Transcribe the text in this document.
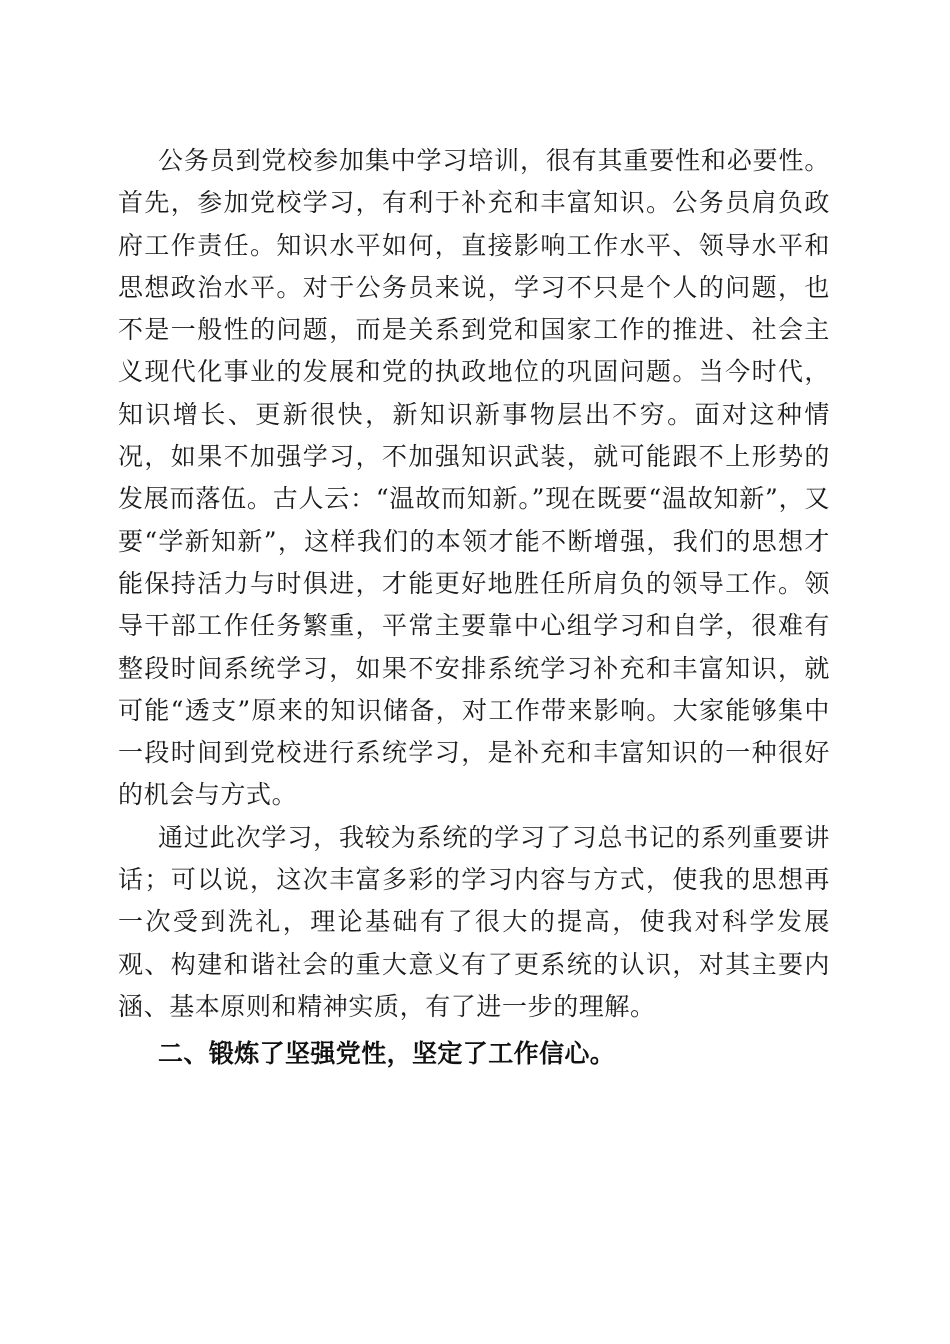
公务员到党校参加集中学习培训，很有其重要性和必要性。首先，参加党校学习，有利于补充和丰富知识。公务员肩负政府工作责任。知识水平如何，直接影响工作水平、领导水平和思想政治水平。对于公务员来说，学习不只是个人的问题，也不是一般性的问题，而是关系到党和国家工作的推进、社会主义现代化事业的发展和党的执政地位的巩固问题。当今时代，知识增长、更新很快，新知识新事物层出不穷。面对这种情况，如果不加强学习，不加强知识武装，就可能跟不上形势的发展而落伍。古人云：“温故而知新。”现在既要“温故知新”，又要“学新知新”，这样我们的本领才能不断增强，我们的思想才能保持活力与时俱进，才能更好地胜任所肩负的领导工作。领导干部工作任务繁重，平常主要靠中心组学习和自学，很难有整段时间系统学习，如果不安排系统学习补充和丰富知识，就可能“透支”原来的知识储备，对工作带来影响。大家能够集中一段时间到党校进行系统学习，是补充和丰富知识的一种很好的机会与方式。

通过此次学习，我较为系统的学习了习总书记的系列重要讲话；可以说，这次丰富多彩的学习内容与方式，使我的思想再一次受到洗礼，理论基础有了很大的提高，使我对科学发展观、构建和谐社会的重大意义有了更系统的认识，对其主要内涵、基本原则和精神实质，有了进一步的理解。

二、锻炼了坚强党性，坚定了工作信心。
